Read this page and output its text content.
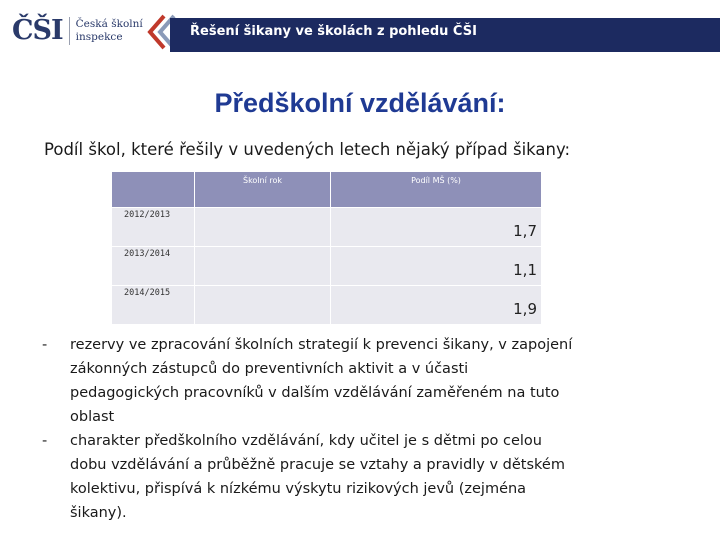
ČŠI Česká školní
inspekce	Řešení šikany ve školách z pohledu ČŠI
Předškolní vzdělávání:

Podíl škol, které řešily v uvedených letech nějaký případ šikany:

	Školní rok	Podíl MŠ (%)
2012/2013		1,7
2013/2014		1,1
2014/2015		1,9
- rezervy ve zpracování školních strategií k prevenci šikany, v zapojení
zákonných zástupců do preventivních aktivit a v účasti
pedagogických pracovníků v dalším vzdělávání zaměřeném na tuto
oblast
- charakter předškolního vzdělávání, kdy učitel je s dětmi po celou
dobu vzdělávání a průběžně pracuje se vztahy a pravidly v dětském
kolektivu, přispívá k nízkému výskytu rizikových jevů (zejména
šikany).
